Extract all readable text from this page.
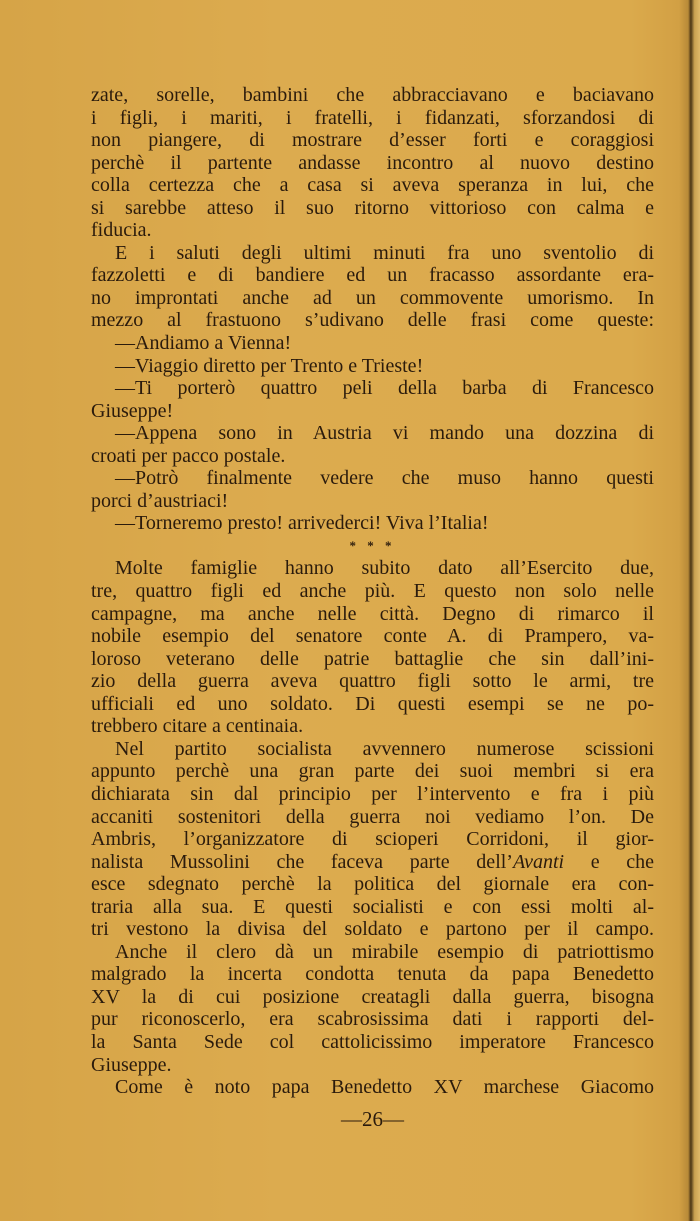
zate, sorelle, bambini che abbracciavano e baciavano
i figli, i mariti, i fratelli, i fidanzati, sforzandosi di
non piangere, di mostrare d’esser forti e coraggiosi
perchè il partente andasse incontro al nuovo destino
colla certezza che a casa si aveva speranza in lui, che
si sarebbe atteso il suo ritorno vittorioso con calma e
fiducia.
E i saluti degli ultimi minuti fra uno sventolio di
fazzoletti e di bandiere ed un fracasso assordante era-
no improntati anche ad un commovente umorismo. In
mezzo al frastuono s’udivano delle frasi come queste:
—Andiamo a Vienna!
—Viaggio diretto per Trento e Trieste!
—Ti porterò quattro peli della barba di Francesco
Giuseppe!
—Appena sono in Austria vi mando una dozzina di
croati per pacco postale.
—Potrò finalmente vedere che muso hanno questi
porci d’austriaci!
—Torneremo presto! arrivederci! Viva l’Italia!
* * *
Molte famiglie hanno subito dato all’Esercito due,
tre, quattro figli ed anche più. E questo non solo nelle
campagne, ma anche nelle città. Degno di rimarco il
nobile esempio del senatore conte A. di Prampero, va-
loroso veterano delle patrie battaglie che sin dall’ini-
zio della guerra aveva quattro figli sotto le armi, tre
ufficiali ed uno soldato. Di questi esempi se ne po-
trebbero citare a centinaia.
Nel partito socialista avvennero numerose scissioni
appunto perchè una gran parte dei suoi membri si era
dichiarata sin dal principio per l’intervento e fra i più
accaniti sostenitori della guerra noi vediamo l’on. De
Ambris, l’organizzatore di scioperi Corridoni, il gior-
nalista Mussolini che faceva parte dell’Avanti e che
esce sdegnato perchè la politica del giornale era con-
traria alla sua. E questi socialisti e con essi molti al-
tri vestono la divisa del soldato e partono per il campo.
Anche il clero dà un mirabile esempio di patriottismo
malgrado la incerta condotta tenuta da papa Benedetto
XV la di cui posizione creatagli dalla guerra, bisogna
pur riconoscerlo, era scabrosissima dati i rapporti del-
la Santa Sede col cattolicissimo imperatore Francesco
Giuseppe.
Come è noto papa Benedetto XV marchese Giacomo
—26—
